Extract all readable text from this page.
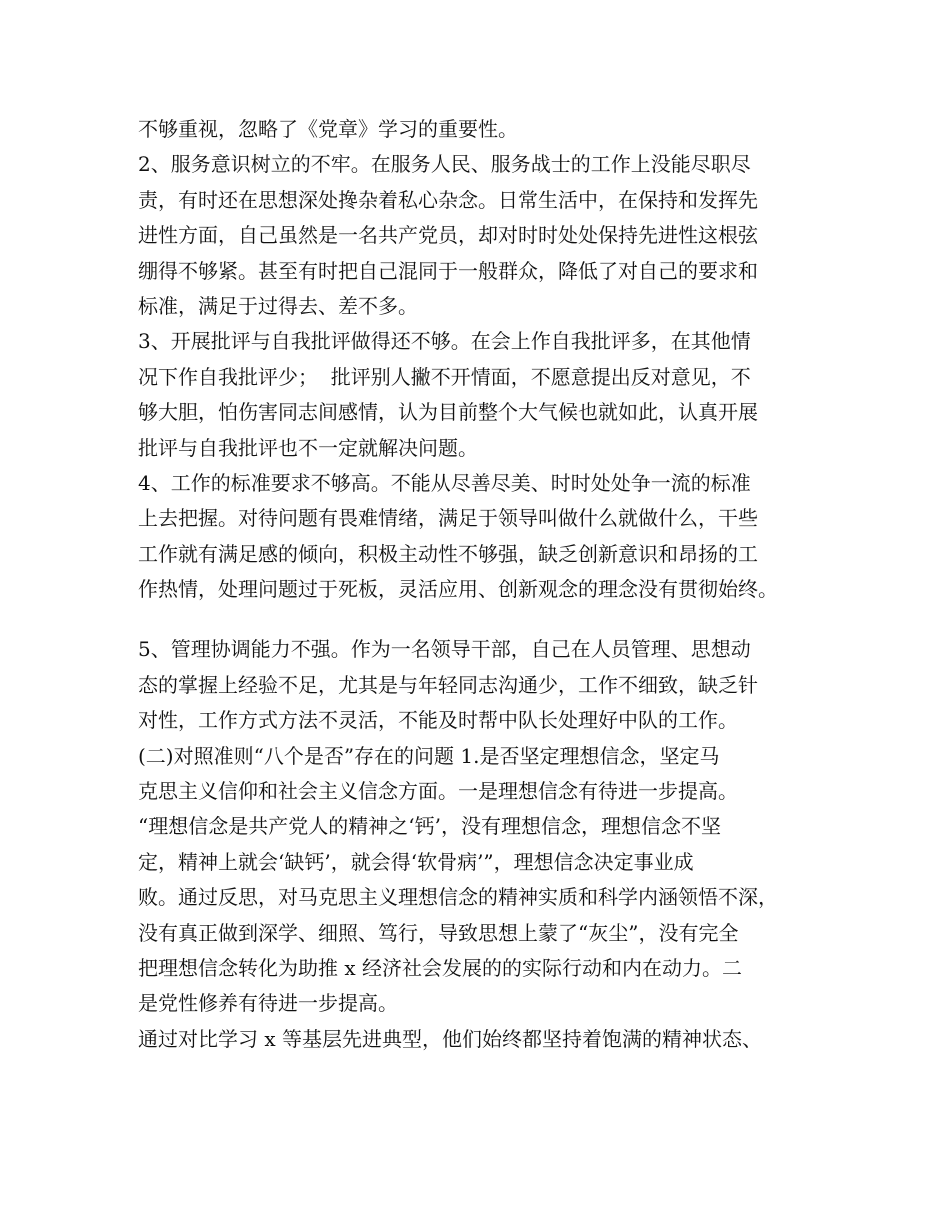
不够重视，忽略了《党章》学习的重要性。
2、服务意识树立的不牢。在服务人民、服务战士的工作上没能尽职尽
责，有时还在思想深处搀杂着私心杂念。日常生活中，在保持和发挥先
进性方面，自己虽然是一名共产党员，却对时时处处保持先进性这根弦
绷得不够紧。甚至有时把自己混同于一般群众，降低了对自己的要求和
标准，满足于过得去、差不多。
3、开展批评与自我批评做得还不够。在会上作自我批评多，在其他情
况下作自我批评少；  批评别人撇不开情面，不愿意提出反对意见，不
够大胆，怕伤害同志间感情，认为目前整个大气候也就如此，认真开展
批评与自我批评也不一定就解决问题。
4、工作的标准要求不够高。不能从尽善尽美、时时处处争一流的标准
上去把握。对待问题有畏难情绪，满足于领导叫做什么就做什么，干些
工作就有满足感的倾向，积极主动性不够强，缺乏创新意识和昂扬的工
作热情，处理问题过于死板，灵活应用、创新观念的理念没有贯彻始终。
5、管理协调能力不强。作为一名领导干部，自己在人员管理、思想动
态的掌握上经验不足，尤其是与年轻同志沟通少，工作不细致，缺乏针
对性，工作方式方法不灵活，不能及时帮中队长处理好中队的工作。
(二)对照准则“八个是否”存在的问题 1.是否坚定理想信念，坚定马
克思主义信仰和社会主义信念方面。一是理想信念有待进一步提高。
“理想信念是共产党人的精神之‘钙’，没有理想信念，理想信念不坚
定，精神上就会‘缺钙’，就会得‘软骨病’”，理想信念决定事业成
败。通过反思，对马克思主义理想信念的精神实质和科学内涵领悟不深，
没有真正做到深学、细照、笃行，导致思想上蒙了“灰尘”，没有完全
把理想信念转化为助推 x 经济社会发展的的实际行动和内在动力。二
是党性修养有待进一步提高。
通过对比学习 x 等基层先进典型，他们始终都坚持着饱满的精神状态、
